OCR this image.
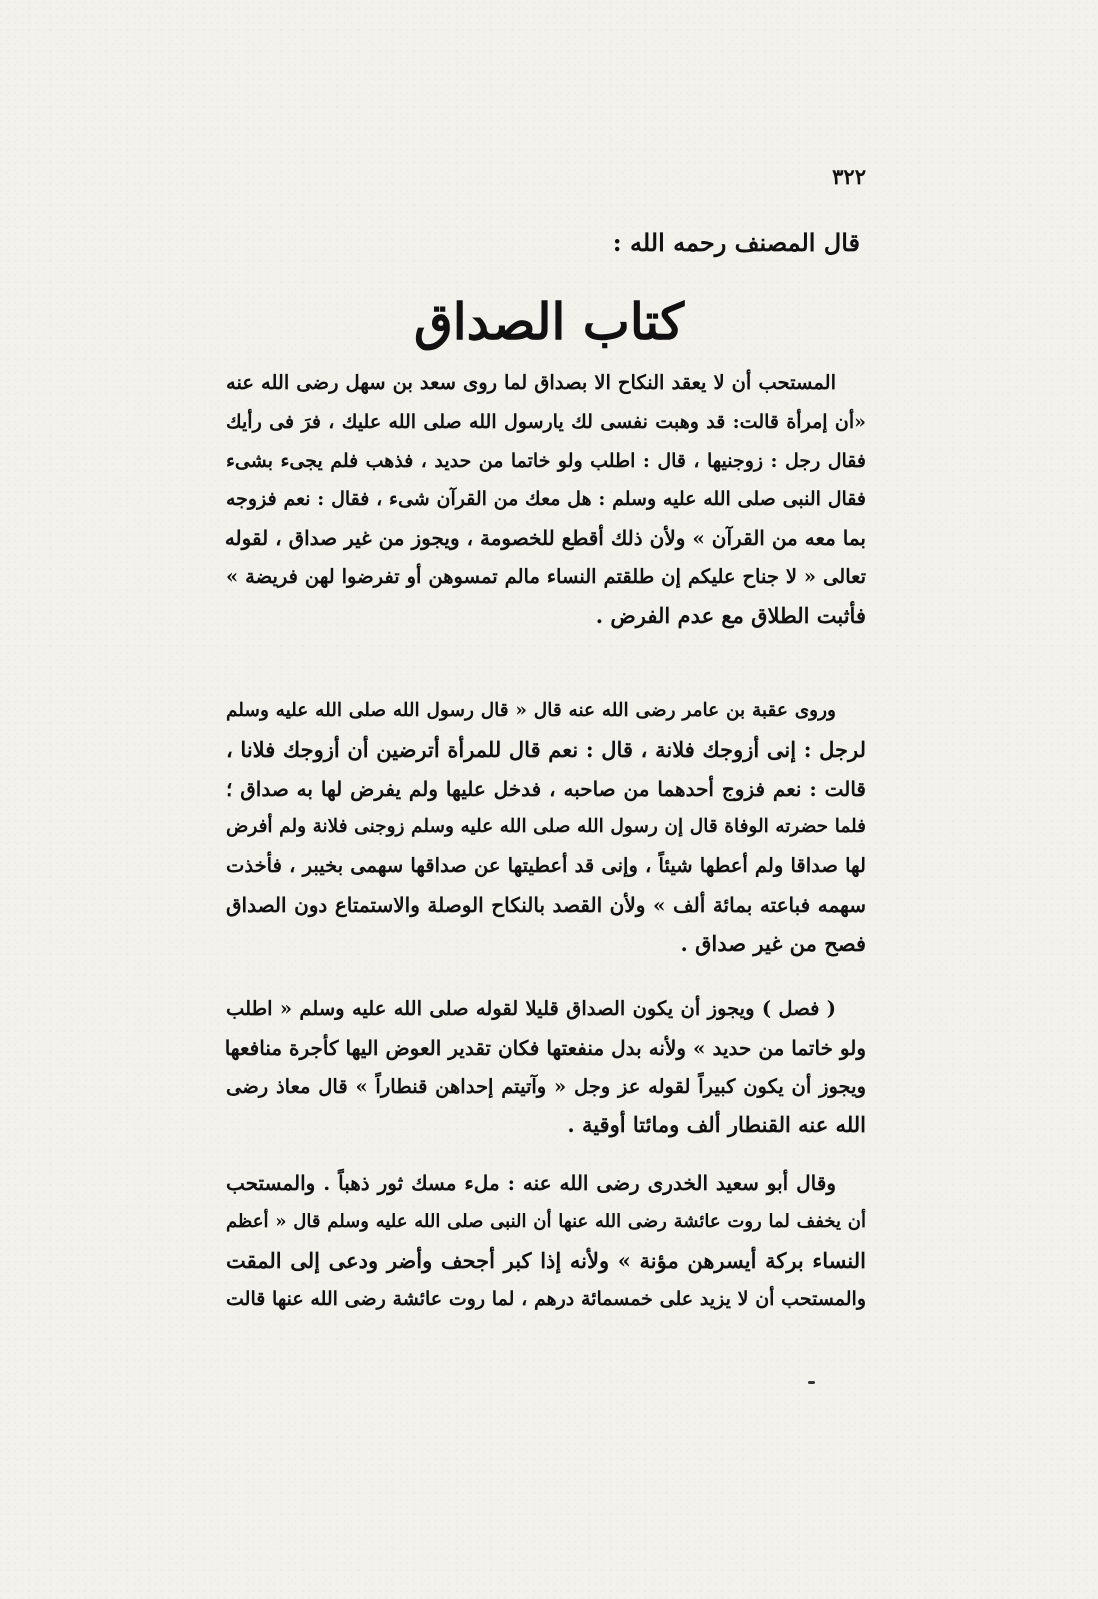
٣٢٢
قال المصنف رحمه الله :
كتاب الصداق
المستحب أن لا يعقد النكاح الا بصداق لما روى سعد بن سهل رضى الله عنه
«أن إمرأة قالت: قد وهبت نفسى لك يارسول الله صلى الله عليك ، فرَ فى رأيك
فقال رجل : زوجنيها ، قال : اطلب ولو خاتما من حديد ، فذهب فلم يجىء بشىء
فقال النبى صلى الله عليه وسلم : هل معك من القرآن شىء ، فقال : نعم فزوجه
بما معه من القرآن » ولأن ذلك أقطع للخصومة ، ويجوز من غير صداق ، لقوله
تعالى « لا جناح عليكم إن طلقتم النساء مالم تمسوهن أو تفرضوا لهن فريضة »
فأثبت الطلاق مع عدم الفرض .
وروى عقبة بن عامر رضى الله عنه قال « قال رسول الله صلى الله عليه وسلم
لرجل : إنى أزوجك فلانة ، قال : نعم قال للمرأة أترضين أن أزوجك فلانا ،
قالت : نعم فزوج أحدهما من صاحبه ، فدخل عليها ولم يفرض لها به صداق ؛
فلما حضرته الوفاة قال إن رسول الله صلى الله عليه وسلم زوجنى فلانة ولم أفرض
لها صداقا ولم أعطها شيئاً ، وإنى قد أعطيتها عن صداقها سهمى بخيبر ، فأخذت
سهمه فباعته بمائة ألف » ولأن القصد بالنكاح الوصلة والاستمتاع دون الصداق
فصح من غير صداق .
( فصل ) ويجوز أن يكون الصداق قليلا لقوله صلى الله عليه وسلم « اطلب
ولو خاتما من حديد » ولأنه بدل منفعتها فكان تقدير العوض اليها كأجرة منافعها
ويجوز أن يكون كبيراً لقوله عز وجل « وآتيتم إحداهن قنطاراً » قال معاذ رضى
الله عنه القنطار ألف ومائتا أوقية .
وقال أبو سعيد الخدرى رضى الله عنه : ملء مسك ثور ذهباً . والمستحب
أن يخفف لما روت عائشة رضى الله عنها أن النبى صلى الله عليه وسلم قال « أعظم
النساء بركة أيسرهن مؤنة » ولأنه إذا كبر أجحف وأضر ودعى إلى المقت
والمستحب أن لا يزيد على خمسمائة درهم ، لما روت عائشة رضى الله عنها قالت
